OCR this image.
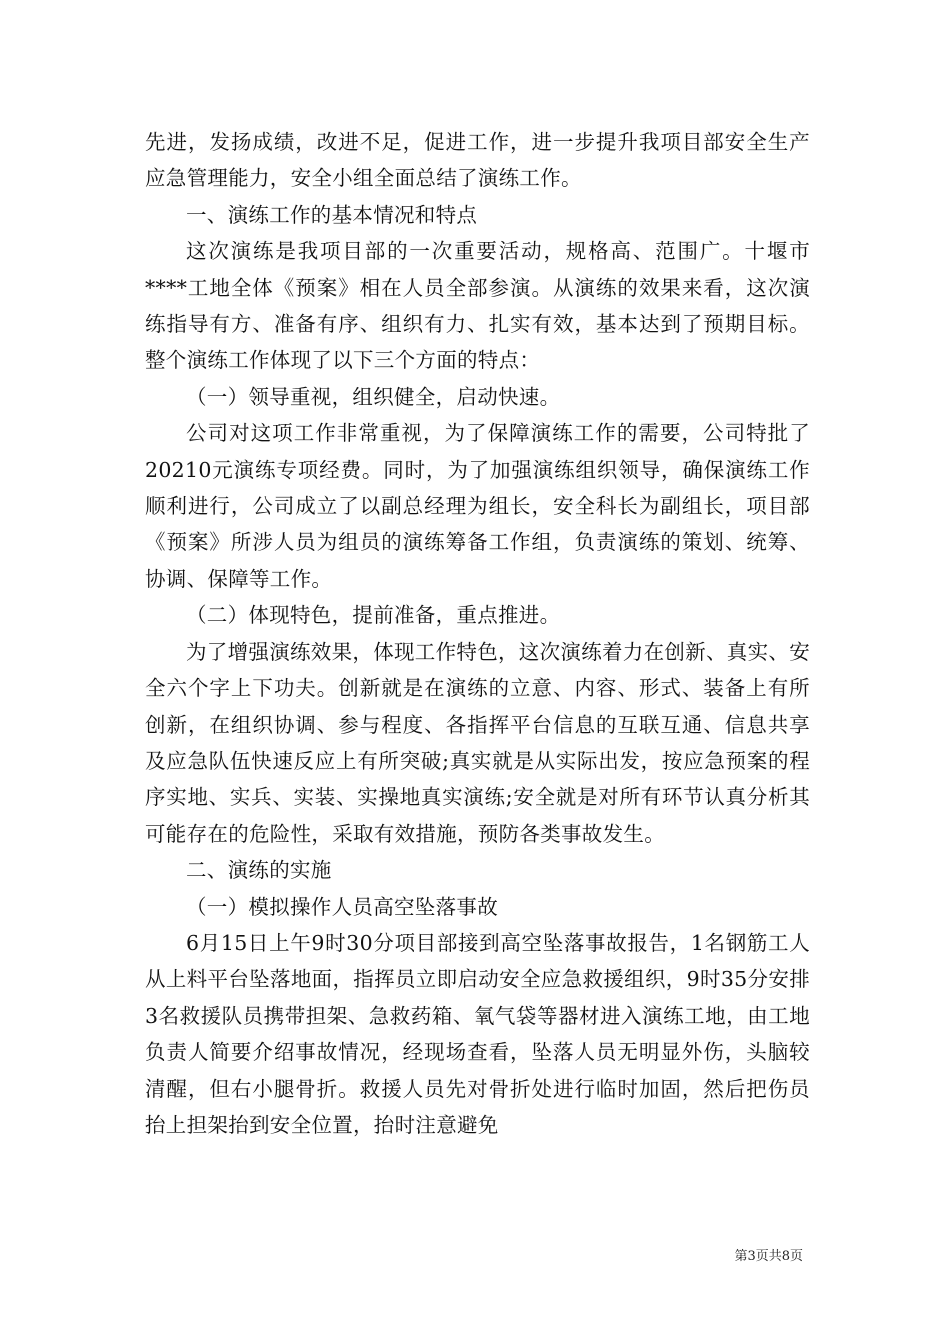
先进，发扬成绩，改进不足，促进工作，进一步提升我项目部安全生产应急管理能力，安全小组全面总结了演练工作。

一、演练工作的基本情况和特点

这次演练是我项目部的一次重要活动，规格高、范围广。十堰市****工地全体《预案》相在人员全部参演。从演练的效果来看，这次演练指导有方、准备有序、组织有力、扎实有效，基本达到了预期目标。整个演练工作体现了以下三个方面的特点：

（一）领导重视，组织健全，启动快速。

公司对这项工作非常重视，为了保障演练工作的需要，公司特批了20210元演练专项经费。同时，为了加强演练组织领导，确保演练工作顺利进行，公司成立了以副总经理为组长，安全科长为副组长，项目部《预案》所涉人员为组员的演练筹备工作组，负责演练的策划、统筹、协调、保障等工作。

（二）体现特色，提前准备，重点推进。

为了增强演练效果，体现工作特色，这次演练着力在创新、真实、安全六个字上下功夫。创新就是在演练的立意、内容、形式、装备上有所创新，在组织协调、参与程度、各指挥平台信息的互联互通、信息共享及应急队伍快速反应上有所突破;真实就是从实际出发，按应急预案的程序实地、实兵、实装、实操地真实演练;安全就是对所有环节认真分析其可能存在的危险性，采取有效措施，预防各类事故发生。

二、演练的实施

（一）模拟操作人员高空坠落事故

6月15日上午9时30分项目部接到高空坠落事故报告，1名钢筋工人从上料平台坠落地面，指挥员立即启动安全应急救援组织，9时35分安排3名救援队员携带担架、急救药箱、氧气袋等器材进入演练工地，由工地负责人简要介绍事故情况，经现场查看，坠落人员无明显外伤，头脑较清醒，但右小腿骨折。救援人员先对骨折处进行临时加固，然后把伤员抬上担架抬到安全位置，抬时注意避免

第3页共8页
